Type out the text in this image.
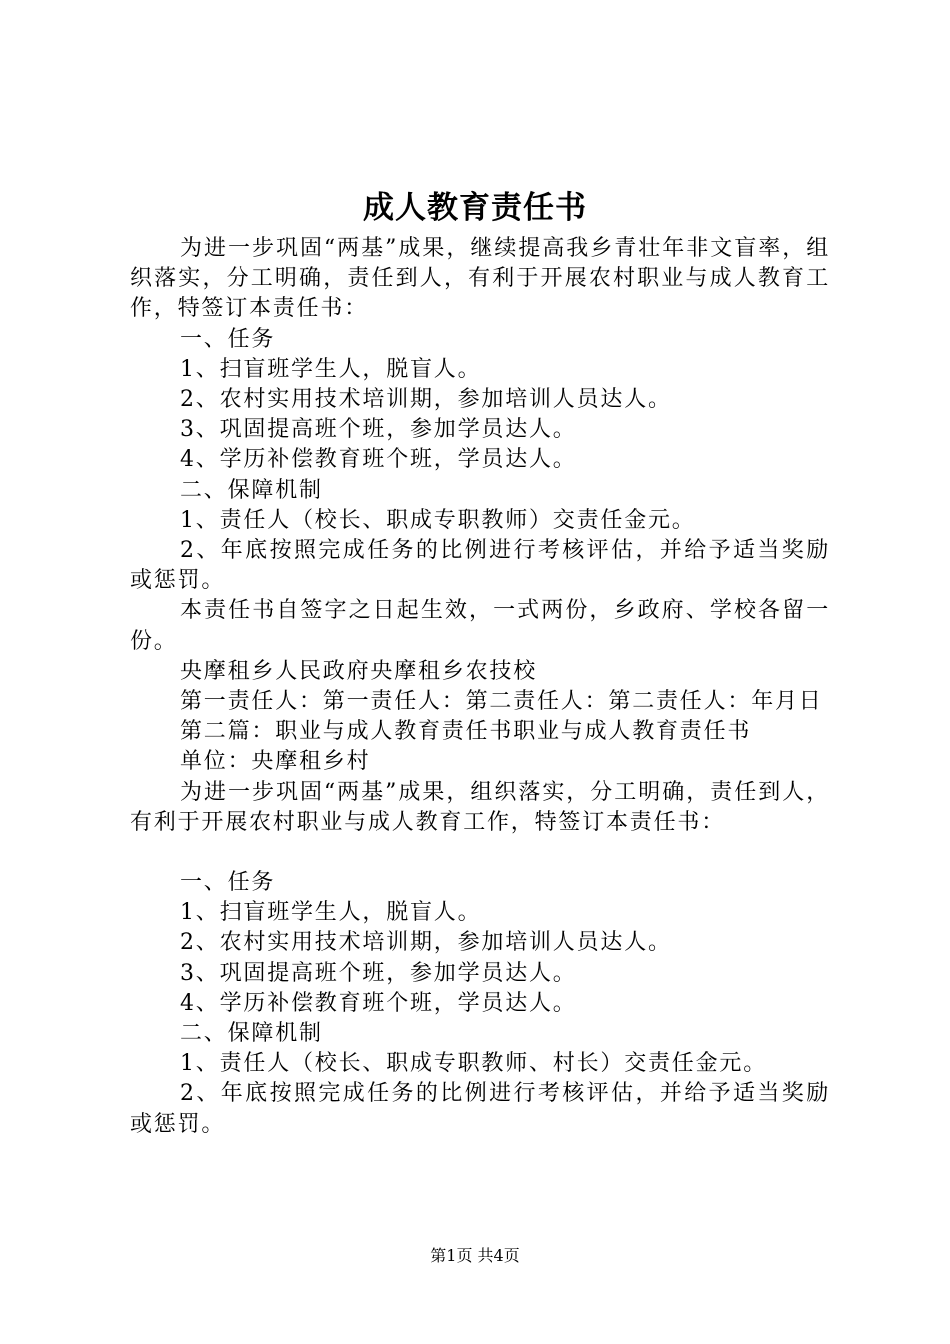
成人教育责任书

为进一步巩固“两基”成果，继续提高我乡青壮年非文盲率，组织落实，分工明确，责任到人，有利于开展农村职业与成人教育工作，特签订本责任书：

一、任务

1、扫盲班学生人，脱盲人。

2、农村实用技术培训期，参加培训人员达人。

3、巩固提高班个班，参加学员达人。

4、学历补偿教育班个班，学员达人。

二、保障机制

1、责任人（校长、职成专职教师）交责任金元。

2、年底按照完成任务的比例进行考核评估，并给予适当奖励或惩罚。

本责任书自签字之日起生效，一式两份，乡政府、学校各留一份。

央摩租乡人民政府央摩租乡农技校

第一责任人：第一责任人：第二责任人：第二责任人：年月日

第二篇：职业与成人教育责任书职业与成人教育责任书

单位：央摩租乡村

为进一步巩固“两基”成果，组织落实，分工明确，责任到人，有利于开展农村职业与成人教育工作，特签订本责任书：

一、任务

1、扫盲班学生人，脱盲人。

2、农村实用技术培训期，参加培训人员达人。

3、巩固提高班个班，参加学员达人。

4、学历补偿教育班个班，学员达人。

二、保障机制

1、责任人（校长、职成专职教师、村长）交责任金元。

2、年底按照完成任务的比例进行考核评估，并给予适当奖励或惩罚。

第1页 共4页
